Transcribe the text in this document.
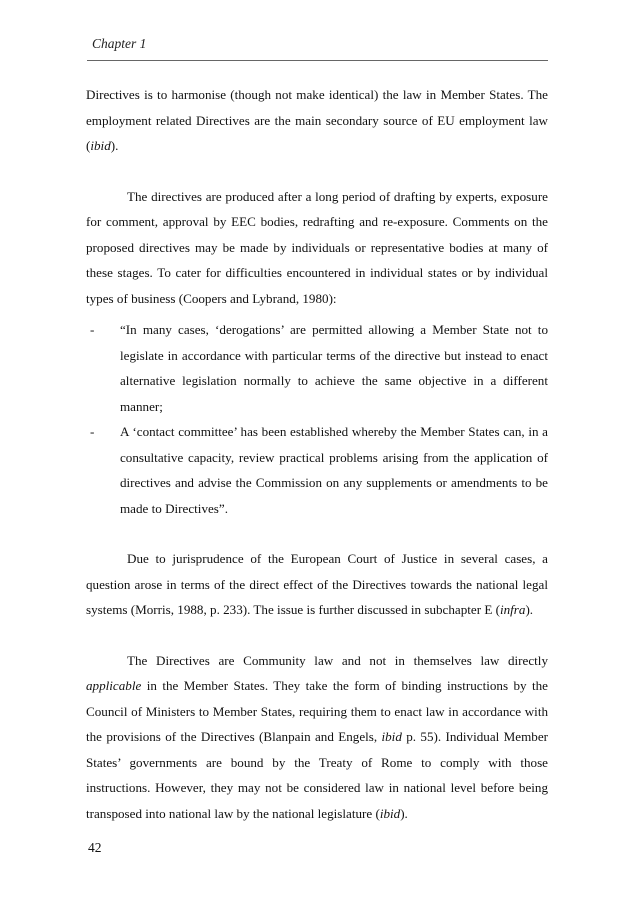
Chapter 1

Directives is to harmonise (though not make identical) the law in Member States. The employment related Directives are the main secondary source of EU employment law (ibid).

The directives are produced after a long period of drafting by experts, exposure for comment, approval by EEC bodies, redrafting and re-exposure. Comments on the proposed directives may be made by individuals or representative bodies at many of these stages. To cater for difficulties encountered in individual states or by individual types of business (Coopers and Lybrand, 1980):

- “In many cases, ‘derogations’ are permitted allowing a Member State not to legislate in accordance with particular terms of the directive but instead to enact alternative legislation normally to achieve the same objective in a different manner;
- A ‘contact committee’ has been established whereby the Member States can, in a consultative capacity, review practical problems arising from the application of directives and advise the Commission on any supplements or amendments to be made to Directives”.

Due to jurisprudence of the European Court of Justice in several cases, a question arose in terms of the direct effect of the Directives towards the national legal systems (Morris, 1988, p. 233). The issue is further discussed in subchapter E (infra).

The Directives are Community law and not in themselves law directly applicable in the Member States. They take the form of binding instructions by the Council of Ministers to Member States, requiring them to enact law in accordance with the provisions of the Directives (Blanpain and Engels, ibid p. 55). Individual Member States’ governments are bound by the Treaty of Rome to comply with those instructions. However, they may not be considered law in national level before being transposed into national law by the national legislature (ibid).

42
